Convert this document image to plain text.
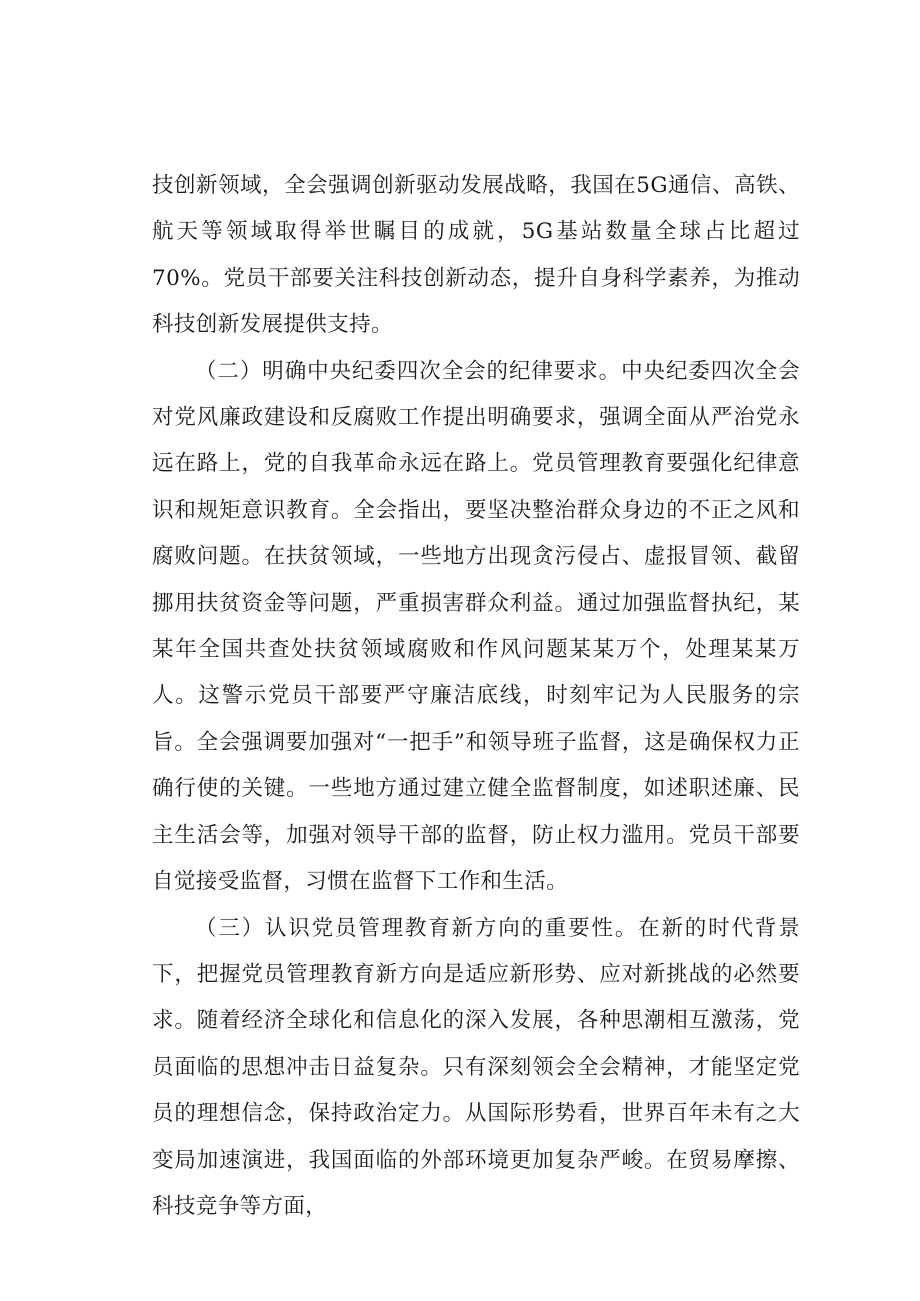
技创新领域，全会强调创新驱动发展战略，我国在5G通信、高铁、航天等领域取得举世瞩目的成就，5G基站数量全球占比超过70%。党员干部要关注科技创新动态，提升自身科学素养，为推动科技创新发展提供支持。

（二）明确中央纪委四次全会的纪律要求。中央纪委四次全会对党风廉政建设和反腐败工作提出明确要求，强调全面从严治党永远在路上，党的自我革命永远在路上。党员管理教育要强化纪律意识和规矩意识教育。全会指出，要坚决整治群众身边的不正之风和腐败问题。在扶贫领域，一些地方出现贪污侵占、虚报冒领、截留挪用扶贫资金等问题，严重损害群众利益。通过加强监督执纪，某某年全国共查处扶贫领域腐败和作风问题某某万个，处理某某万人。这警示党员干部要严守廉洁底线，时刻牢记为人民服务的宗旨。全会强调要加强对“一把手”和领导班子监督，这是确保权力正确行使的关键。一些地方通过建立健全监督制度，如述职述廉、民主生活会等，加强对领导干部的监督，防止权力滥用。党员干部要自觉接受监督，习惯在监督下工作和生活。

（三）认识党员管理教育新方向的重要性。在新的时代背景下，把握党员管理教育新方向是适应新形势、应对新挑战的必然要求。随着经济全球化和信息化的深入发展，各种思潮相互激荡，党员面临的思想冲击日益复杂。只有深刻领会全会精神，才能坚定党员的理想信念，保持政治定力。从国际形势看，世界百年未有之大变局加速演进，我国面临的外部环境更加复杂严峻。在贸易摩擦、科技竞争等方面，
